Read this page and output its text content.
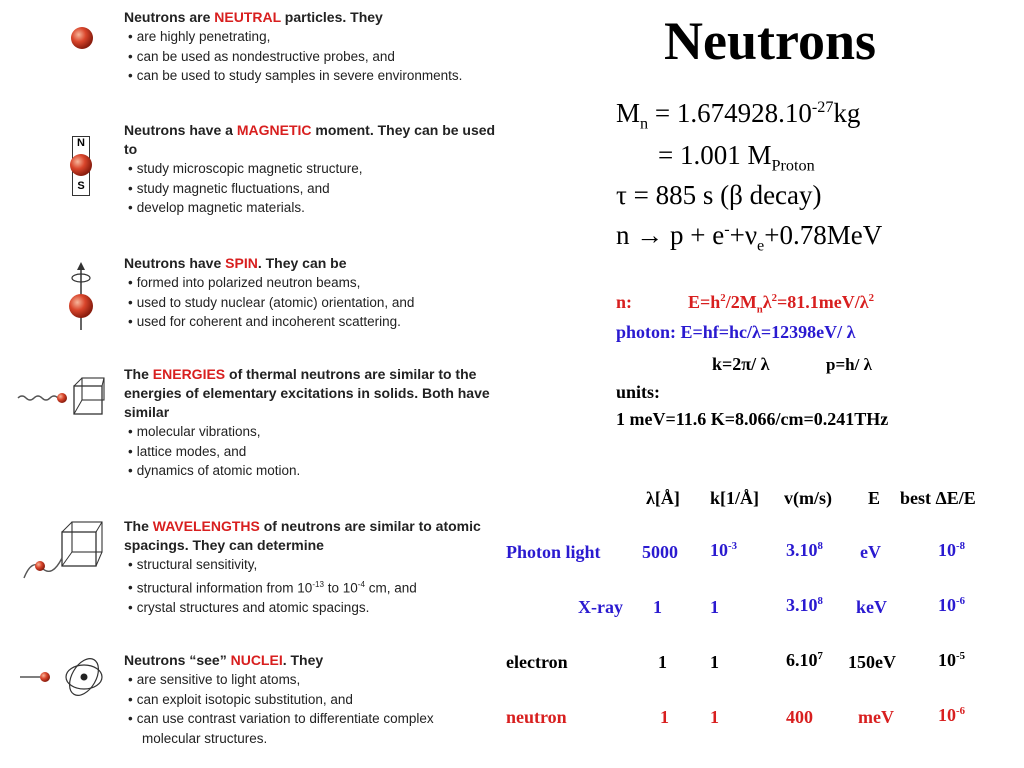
N
S
Neutrons are NEUTRAL particles. They
• are highly penetrating,
• can be used as nondestructive probes, and
• can be used to study samples in severe environments.
Neutrons have a MAGNETIC moment. They can be used to
• study microscopic magnetic structure,
• study magnetic fluctuations, and
• develop magnetic materials.
Neutrons have SPIN. They can be
• formed into polarized neutron beams,
• used to study nuclear (atomic) orientation, and
• used for coherent and incoherent scattering.
The ENERGIES of thermal neutrons are similar to the energies of elementary excitations in solids. Both have similar
• molecular vibrations,
• lattice modes, and
• dynamics of atomic motion.
The WAVELENGTHS of neutrons are similar to atomic spacings. They can determine
• structural sensitivity,
• structural information from $10^{-13}$ to $10^{-4}$ cm, and
• crystal structures and atomic spacings.
Neutrons “see” NUCLEI. They
• are sensitive to light atoms,
• can exploit isotopic substitution, and
• can use contrast variation to differentiate complex
molecular structures.
Neutrons
$M_n = 1.674928.10^{-27}kg$
= 1.001 $M_{Proton}$
τ = 885 s (β decay)
$n \to p + e^-+\nu_e+0.78MeV$
n:	$E=h^2/2M_n\lambda^2=81.1meV/\lambda^2$
photon: E=hf=hc/λ=12398eV/ λ
k=2π/ λ	p=h/ λ
units:
1 meV=11.6 K=8.066/cm=0.241THz
λ[Å] k[1/Å] v(m/s) E best ΔE/E
Photon light 5000 $10^{-3}$	3.10$^8$ eV	$10^{-8}$
X-ray 1	1	3.10$^8$ keV	$10^{-6}$
electron	1 1	6.10$^7$ 150eV $10^{-5}$
neutron	1 1	400	meV $10^{-6}$
